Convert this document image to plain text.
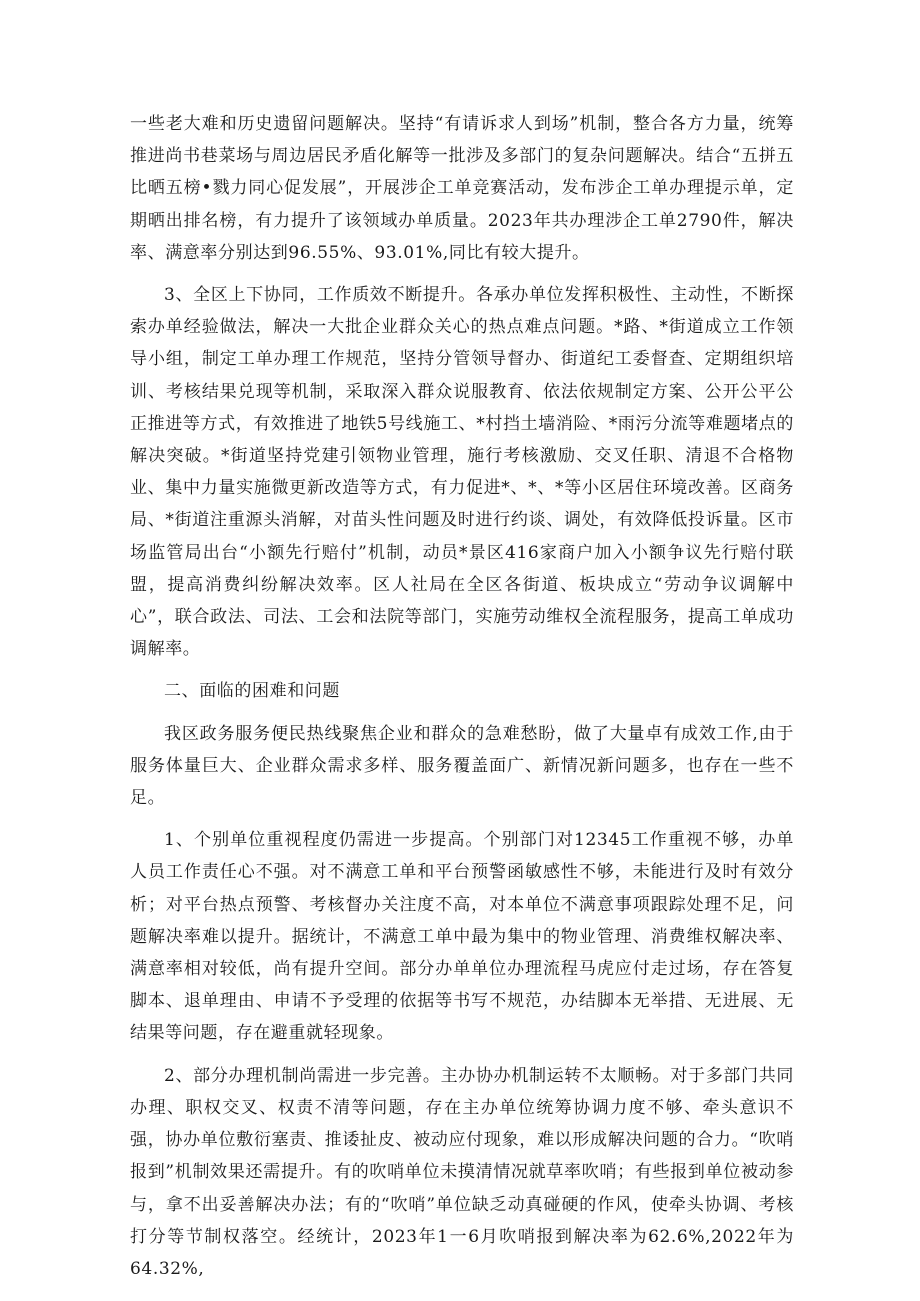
一些老大难和历史遗留问题解决。坚持“有请诉求人到场”机制，整合各方力量，统筹推进尚书巷菜场与周边居民矛盾化解等一批涉及多部门的复杂问题解决。结合“五拼五比晒五榜•戮力同心促发展”，开展涉企工单竞赛活动，发布涉企工单办理提示单，定期晒出排名榜，有力提升了该领域办单质量。2023年共办理涉企工单2790件，解决率、满意率分别达到96.55%、93.01%,同比有较大提升。

3、全区上下协同，工作质效不断提升。各承办单位发挥积极性、主动性，不断探索办单经验做法，解决一大批企业群众关心的热点难点问题。*路、*街道成立工作领导小组，制定工单办理工作规范，坚持分管领导督办、街道纪工委督查、定期组织培训、考核结果兑现等机制，采取深入群众说服教育、依法依规制定方案、公开公平公正推进等方式，有效推进了地铁5号线施工、*村挡土墙消险、*雨污分流等难题堵点的解决突破。*街道坚持党建引领物业管理，施行考核激励、交叉任职、清退不合格物业、集中力量实施微更新改造等方式，有力促进*、*、*等小区居住环境改善。区商务局、*街道注重源头消解，对苗头性问题及时进行约谈、调处，有效降低投诉量。区市场监管局出台“小额先行赔付”机制，动员*景区416家商户加入小额争议先行赔付联盟，提高消费纠纷解决效率。区人社局在全区各街道、板块成立“劳动争议调解中心”，联合政法、司法、工会和法院等部门，实施劳动维权全流程服务，提高工单成功调解率。

二、面临的困难和问题

我区政务服务便民热线聚焦企业和群众的急难愁盼，做了大量卓有成效工作,由于服务体量巨大、企业群众需求多样、服务覆盖面广、新情况新问题多，也存在一些不足。

1、个别单位重视程度仍需进一步提高。个别部门对12345工作重视不够，办单人员工作责任心不强。对不满意工单和平台预警函敏感性不够，未能进行及时有效分析；对平台热点预警、考核督办关注度不高，对本单位不满意事项跟踪处理不足，问题解决率难以提升。据统计，不满意工单中最为集中的物业管理、消费维权解决率、满意率相对较低，尚有提升空间。部分办单单位办理流程马虎应付走过场，存在答复脚本、退单理由、申请不予受理的依据等书写不规范，办结脚本无举措、无进展、无结果等问题，存在避重就轻现象。

2、部分办理机制尚需进一步完善。主办协办机制运转不太顺畅。对于多部门共同办理、职权交叉、权责不清等问题，存在主办单位统筹协调力度不够、牵头意识不强，协办单位敷衍塞责、推诿扯皮、被动应付现象，难以形成解决问题的合力。“吹哨报到”机制效果还需提升。有的吹哨单位未摸清情况就草率吹哨；有些报到单位被动参与，拿不出妥善解决办法；有的“吹哨”单位缺乏动真碰硬的作风，使牵头协调、考核打分等节制权落空。经统计，2023年1一6月吹哨报到解决率为62.6%,2022年为64.32%,
